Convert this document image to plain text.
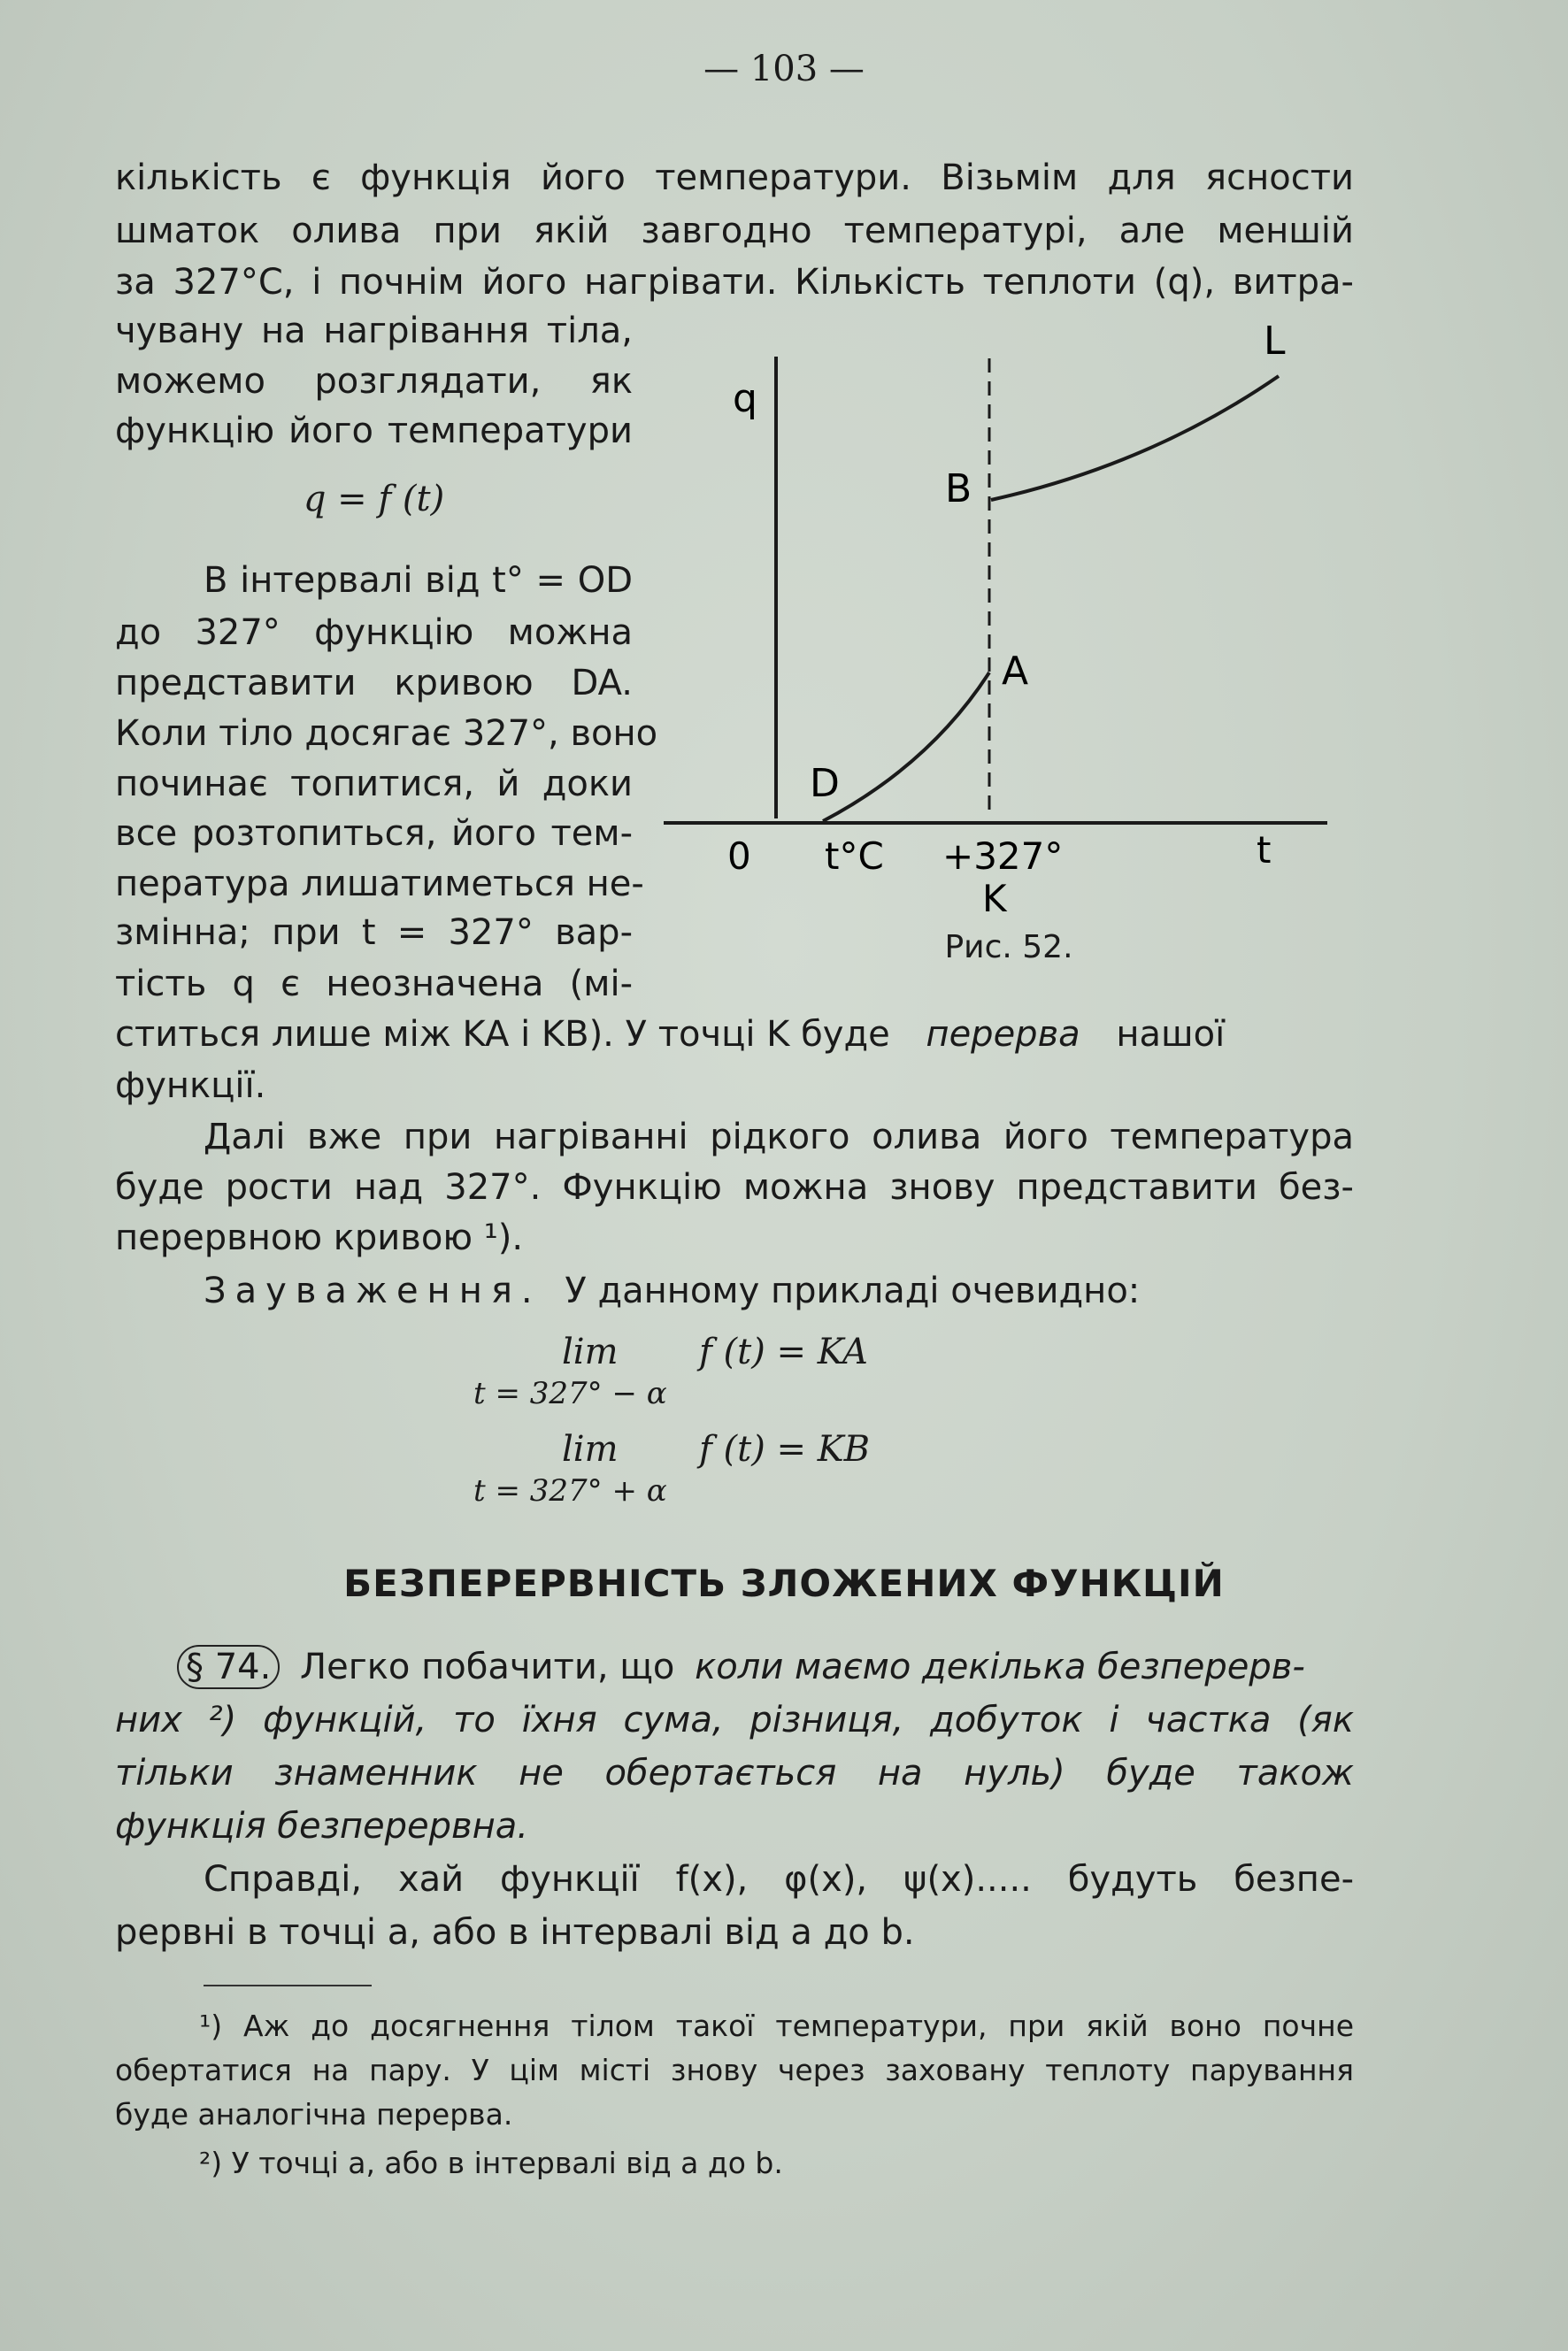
— 103 —
кількість є функція його температури. Візьмім для ясности
шматок олива при якій завгодно температурі, але меншій
за 327°C, і почнім його нагрівати. Кількість теплоти (q), витра-
чувану на нагрівання тіла,
можемо розглядати, як
функцію його температури
q = f (t)
В інтервалі від t° = OD
до 327° функцію можна
представити кривою DA.
Коли тіло досягає 327°, воно
починає топитися, й доки
все розтопиться, його тем-
пература лишатиметься не-
змінна; при t = 327° вар-
тість q є неозначена (мі-
q
L
B
A
D
0 t°C +327°	t
K
Рис. 52.
ститься лише між KA і KB). У точці K буде перерва нашої
функції.
Далі вже при нагріванні рідкого олива його температура
буде рости над 327°. Функцію можна знову представити без-
перервною кривою ¹).
Зауваження. У данному прикладі очевидно:
lim f (t) = KA
t = 327° − α
lim f (t) = KB
t = 327° + α
БЕЗПЕРЕРВНІСТЬ ЗЛОЖЕНИХ ФУНКЦІЙ
§ 74. Легко побачити, що коли маємо декілька безперерв-
них ²) функцій, то їхня сума, різниця, добуток і частка (як
тільки знаменник не обертається на нуль) буде також
функція безперервна.
Справді, хай функції f(x), φ(x), ψ(x)..... будуть безпе-
рервні в точці a, або в інтервалі від a до b.
¹) Аж до досягнення тілом такої температури, при якій воно почне
обертатися на пару. У цім місті знову через заховану теплоту парування
буде аналогічна перерва.
²) У точці a, або в інтервалі від a до b.
